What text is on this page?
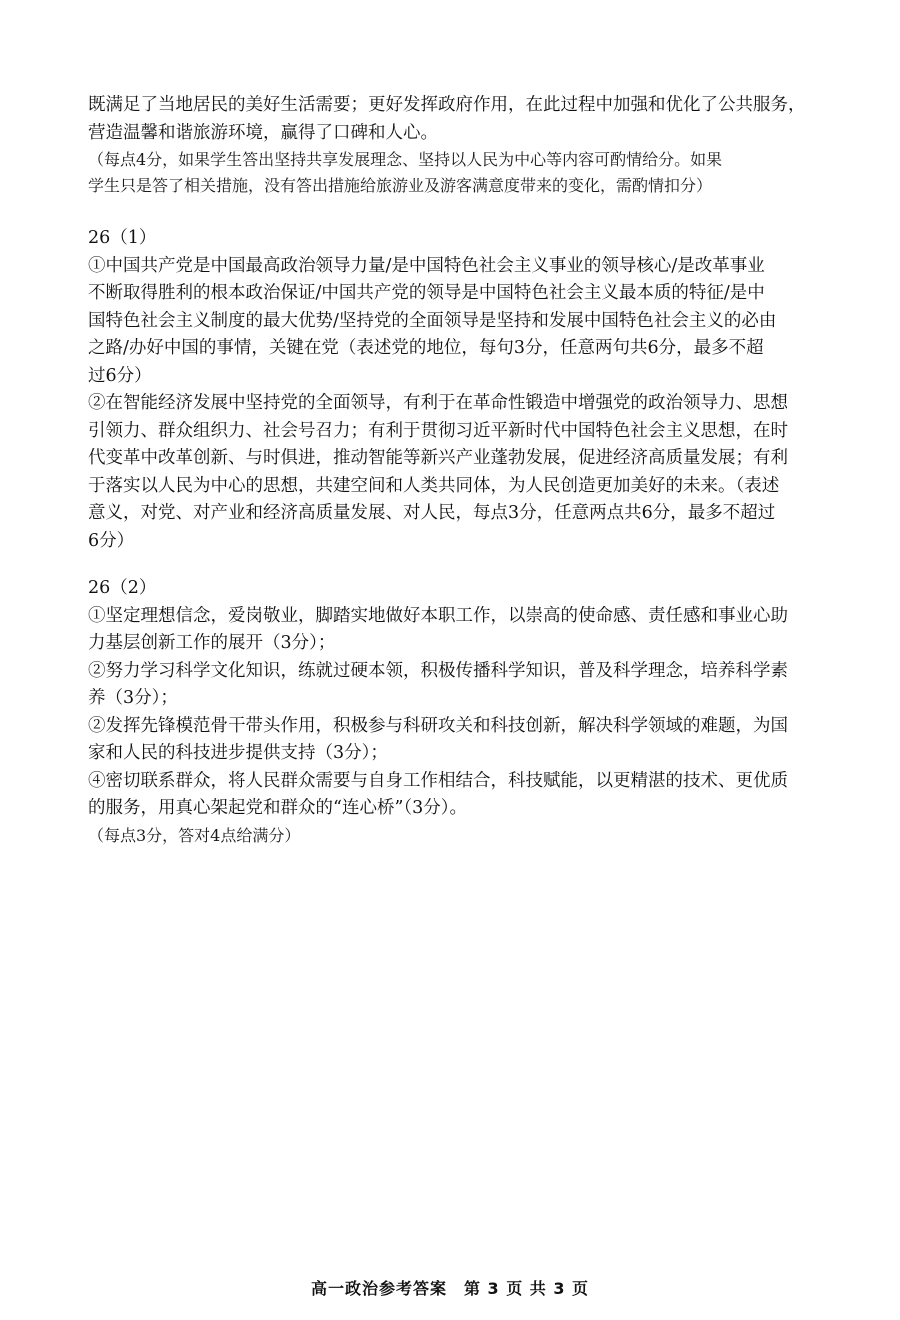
既满足了当地居民的美好生活需要；更好发挥政府作用，在此过程中加强和优化了公共服务，
营造温馨和谐旅游环境，赢得了口碑和人心。
（每点4分，如果学生答出坚持共享发展理念、坚持以人民为中心等内容可酌情给分。如果
学生只是答了相关措施，没有答出措施给旅游业及游客满意度带来的变化，需酌情扣分）
26（1）
①中国共产党是中国最高政治领导力量/是中国特色社会主义事业的领导核心/是改革事业
不断取得胜利的根本政治保证/中国共产党的领导是中国特色社会主义最本质的特征/是中
国特色社会主义制度的最大优势/坚持党的全面领导是坚持和发展中国特色社会主义的必由
之路/办好中国的事情，关键在党（表述党的地位，每句3分，任意两句共6分，最多不超
过6分）
②在智能经济发展中坚持党的全面领导，有利于在革命性锻造中增强党的政治领导力、思想
引领力、群众组织力、社会号召力；有利于贯彻习近平新时代中国特色社会主义思想，在时
代变革中改革创新、与时俱进，推动智能等新兴产业蓬勃发展，促进经济高质量发展；有利
于落实以人民为中心的思想，共建空间和人类共同体，为人民创造更加美好的未来。（表述
意义，对党、对产业和经济高质量发展、对人民，每点3分，任意两点共6分，最多不超过
6分）
26（2）
①坚定理想信念，爱岗敬业，脚踏实地做好本职工作，以崇高的使命感、责任感和事业心助
力基层创新工作的展开（3分）；
②努力学习科学文化知识，练就过硬本领，积极传播科学知识，普及科学理念，培养科学素
养（3分）；
②发挥先锋模范骨干带头作用，积极参与科研攻关和科技创新，解决科学领域的难题，为国
家和人民的科技进步提供支持（3分）；
④密切联系群众，将人民群众需要与自身工作相结合，科技赋能，以更精湛的技术、更优质
的服务，用真心架起党和群众的“连心桥”（3分）。
（每点3分，答对4点给满分）
高一政治参考答案　第 3 页 共 3 页
